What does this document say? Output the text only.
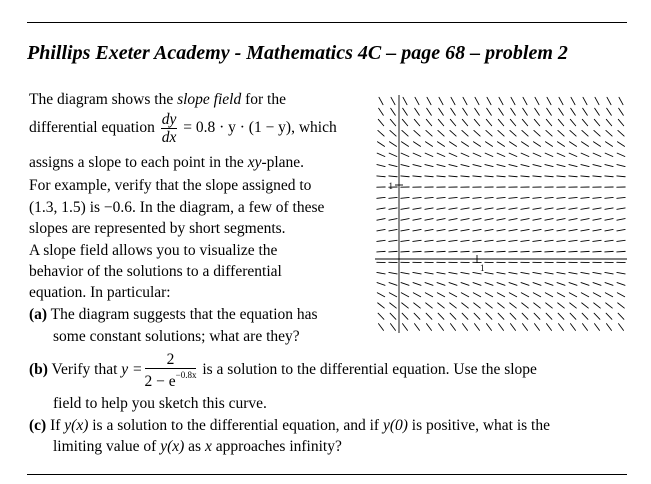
Phillips Exeter Academy - Mathematics 4C – page 68 – problem 2
The diagram shows the slope field for the
differential equation $\frac{dy}{dx} = 0.8 \cdot y \cdot (1 - y)$, which
assigns a slope to each point in the xy-plane.
For example, verify that the slope assigned to
(1.3, 1.5) is −0.6. In the diagram, a few of these
slopes are represented by short segments.
A slope field allows you to visualize the
behavior of the solutions to a differential
equation. In particular:
(a) The diagram suggests that the equation has
some constant solutions; what are they?
(b) Verify that $y = \frac{2}{2 - e^{-0.8x}}$ is a solution to the differential equation. Use the slope
field to help you sketch this curve.
(c) If y(x) is a solution to the differential equation, and if y(0) is positive, what is the
limiting value of y(x) as x approaches infinity?
1
1
